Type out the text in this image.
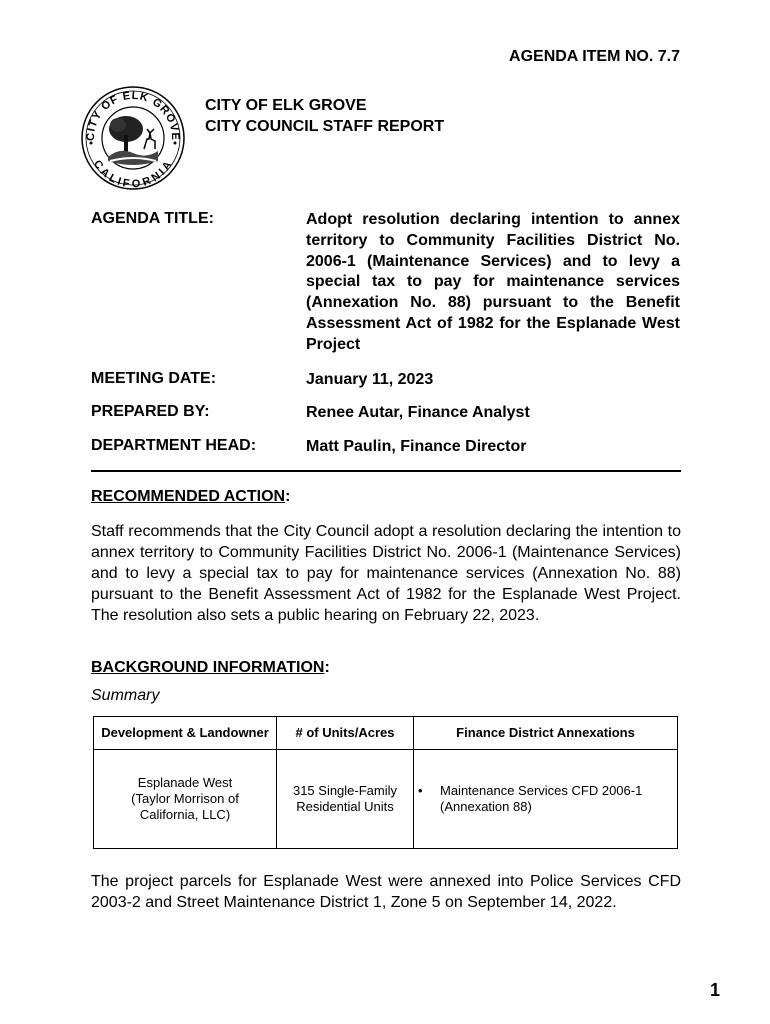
AGENDA ITEM NO. 7.7
CITY OF ELK GROVE
CALIFORNIA
CITY OF ELK GROVE
CITY COUNCIL STAFF REPORT
AGENDA TITLE:	Adopt resolution declaring intention to annex territory to Community Facilities District No. 2006-1 (Maintenance Services) and to levy a special tax to pay for maintenance services (Annexation No. 88) pursuant to the Benefit Assessment Act of 1982 for the Esplanade West Project
MEETING DATE:	January 11, 2023
PREPARED BY:	Renee Autar, Finance Analyst
DEPARTMENT HEAD:	Matt Paulin, Finance Director
RECOMMENDED ACTION:
Staff recommends that the City Council adopt a resolution declaring the intention to annex territory to Community Facilities District No. 2006-1 (Maintenance Services) and to levy a special tax to pay for maintenance services (Annexation No. 88) pursuant to the Benefit Assessment Act of 1982 for the Esplanade West Project. The resolution also sets a public hearing on February 22, 2023.
BACKGROUND INFORMATION:
Summary
Development & Landowner	# of Units/Acres	Finance District Annexations

Esplanade West (Taylor Morrison of California, LLC)	315 Single-Family Residential Units	• Maintenance Services CFD 2006-1 (Annexation 88)
The project parcels for Esplanade West were annexed into Police Services CFD 2003-2 and Street Maintenance District 1, Zone 5 on September 14, 2022.
1
